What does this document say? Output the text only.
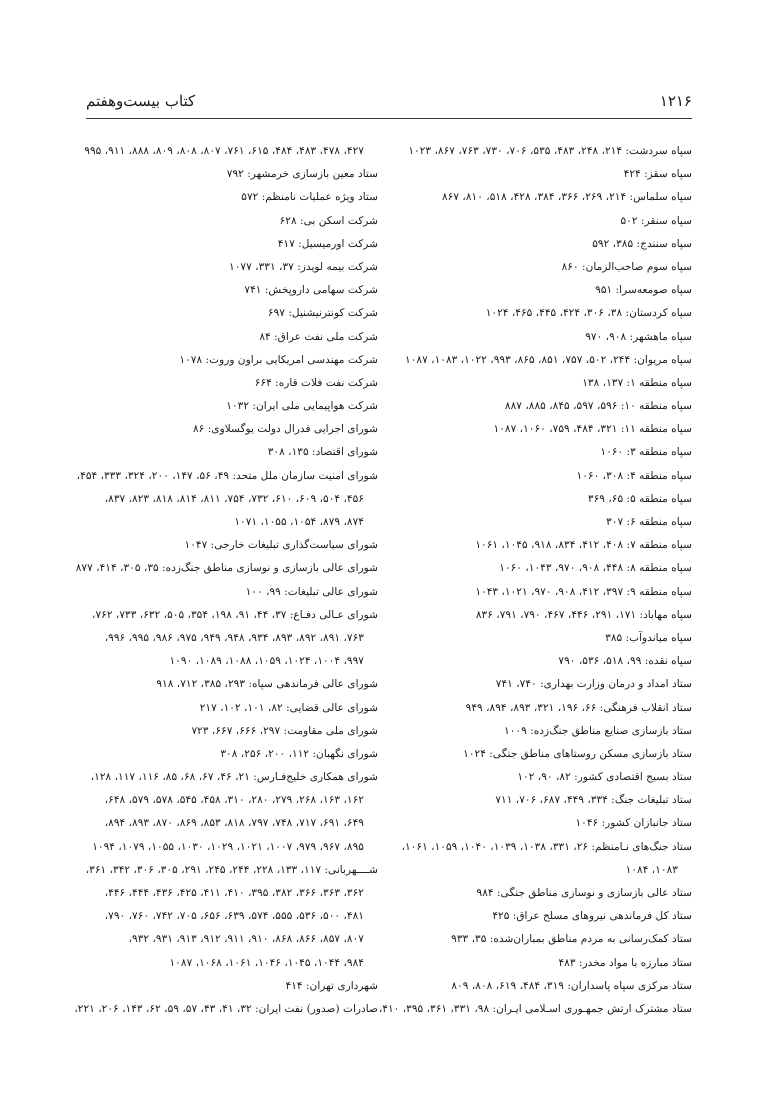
۱۲۱۶
کتاب بیست‌وهفتم
سپاه سردشت: ۲۱۴، ۲۴۸، ۴۸۳، ۵۳۵، ۷۰۶، ۷۳۰، ۷۶۳، ۸۶۷، ۱۰۲۳
سپاه سقز: ۴۲۴
سپاه سلماس: ۲۱۴، ۲۶۹، ۳۶۶، ۳۸۴، ۴۲۸، ۵۱۸، ۸۱۰، ۸۶۷
سپاه سنقر: ۵۰۲
سپاه سنندج: ۳۸۵، ۵۹۲
سپاه سوم صاحب‌الزمان: ۸۶۰
سپاه صومعه‌سرا: ۹۵۱
سپاه کردستان: ۳۸، ۳۰۶، ۴۲۴، ۴۴۵، ۴۶۵، ۱۰۲۴
سپاه ماهشهر: ۹۰۸، ۹۷۰
سپاه مریوان: ۲۴۴، ۵۰۲، ۷۵۷، ۸۵۱، ۸۶۵، ۹۹۳، ۱۰۲۲، ۱۰۸۳، ۱۰۸۷
سپاه منطقه ۱: ۱۳۷، ۱۳۸
سپاه منطقه ۱۰: ۵۹۶، ۵۹۷، ۸۴۵، ۸۸۵، ۸۸۷
سپاه منطقه ۱۱: ۳۲۱، ۴۸۴، ۷۵۹، ۱۰۶۰، ۱۰۸۷
سپاه منطقه ۳: ۱۰۶۰
سپاه منطقه ۴: ۳۰۸، ۱۰۶۰
سپاه منطقه ۵: ۶۵، ۳۶۹
سپاه منطقه ۶: ۳۰۷
سپاه منطقه ۷: ۴۰۸، ۴۱۲، ۸۳۴، ۹۱۸، ۱۰۴۵، ۱۰۶۱
سپاه منطقه ۸: ۴۴۸، ۹۰۸، ۹۷۰، ۱۰۴۳، ۱۰۶۰
سپاه منطقه ۹: ۳۹۷، ۴۱۲، ۹۰۸، ۹۷۰، ۱۰۲۱، ۱۰۴۳
سپاه مهاباد: ۱۷۱، ۲۹۱، ۴۴۶، ۴۶۷، ۷۹۰، ۷۹۱، ۸۳۶
سپاه میاندوآب: ۳۸۵
سپاه نقده: ۹۹، ۵۱۸، ۵۳۶، ۷۹۰
ستاد امداد و درمان وزارت بهداری: ۷۴۰، ۷۴۱
ستاد انقلاب فرهنگی: ۶۶، ۱۹۶، ۳۲۱، ۸۹۳، ۸۹۴، ۹۴۹
ستاد بازسازی صنایع مناطق جنگ‌زده: ۱۰۰۹
ستاد بازسازی مسکن روستاهای مناطق جنگی: ۱۰۲۴
ستاد بسیج اقتصادی کشور: ۸۲، ۹۰، ۱۰۲
ستاد تبلیغات جنگ: ۳۳۴، ۴۴۹، ۶۸۷، ۷۰۶، ۷۱۱
ستاد جانبازان کشور: ۱۰۴۶
ستاد جنگ‌های نـامنظم: ۲۶، ۳۳۱، ۱۰۳۸، ۱۰۳۹، ۱۰۴۰، ۱۰۵۹، ۱۰۶۱،
۱۰۸۳، ۱۰۸۴
ستاد عالی بازسازی و نوسازی مناطق جنگی: ۹۸۴
ستاد کل فرماندهی نیروهای مسلح عراق: ۴۲۵
ستاد کمک‌رسانی به مردم مناطق بمباران‌شده: ۳۵، ۹۳۳
ستاد مبارزه با مواد مخدر: ۴۸۳
ستاد مرکزی سپاه پاسداران: ۳۱۹، ۴۸۴، ۶۱۹، ۸۰۸، ۸۰۹
ستاد مشترک ارتش جمهـوری اسـلامی ایـران: ۹۸، ۳۳۱، ۳۶۱، ۳۹۵، ۴۱۰،
۴۲۷، ۴۷۸، ۴۸۳، ۴۸۴، ۶۱۵، ۷۶۱، ۸۰۷، ۸۰۸، ۸۰۹، ۸۸۸، ۹۱۱، ۹۹۵
ستاد معین بازسازی خرمشهر: ۷۹۲
ستاد ویژه عملیات نامنظم: ۵۷۲
شرکت اسکن بی: ۶۲۸
شرکت اورمیسیل: ۴۱۷
شرکت بیمه لویدز: ۳۷، ۳۳۱، ۱۰۷۷
شرکت سهامی داروپخش: ۷۴۱
شرکت کونترنیشنیل: ۶۹۷
شرکت ملی نفت عراق: ۸۴
شرکت مهندسی امریکایی براون وروت: ۱۰۷۸
شرکت نفت فلات قاره: ۶۶۴
شرکت هواپیمایی ملی ایران: ۱۰۳۲
شورای اجرایی فدرال دولت یوگسلاوی: ۸۶
شورای اقتصاد: ۱۳۵، ۳۰۸
شورای امنیت سازمان ملل متحد: ۴۹، ۵۶، ۱۴۷، ۲۰۰، ۳۲۴، ۳۳۳، ۴۵۴،
۴۵۶، ۵۰۴، ۶۰۹، ۶۱۰، ۷۳۲، ۷۵۴، ۸۱۱، ۸۱۴، ۸۱۸، ۸۲۳، ۸۳۷،
۸۷۴، ۸۷۹، ۱۰۵۴، ۱۰۵۵، ۱۰۷۱
شورای سیاست‌گذاری تبلیغات خارجی: ۱۰۴۷
شورای عالی بازسازی و نوسازی مناطق جنگ‌زده: ۳۵، ۳۰۵، ۴۱۴، ۸۷۷
شورای عالی تبلیغات: ۹۹، ۱۰۰
شورای عـالی دفـاع: ۳۷، ۴۴، ۹۱، ۱۹۸، ۳۵۴، ۵۰۵، ۶۳۲، ۷۳۳، ۷۶۲،
۷۶۳، ۸۹۱، ۸۹۲، ۸۹۳، ۹۳۴، ۹۴۸، ۹۴۹، ۹۷۵، ۹۸۶، ۹۹۵، ۹۹۶،
۹۹۷، ۱۰۰۴، ۱۰۲۴، ۱۰۵۹، ۱۰۸۸، ۱۰۸۹، ۱۰۹۰
شورای عالی فرماندهی سپاه: ۲۹۳، ۳۸۵، ۷۱۲، ۹۱۸
شورای عالی قضایی: ۸۲، ۱۰۱، ۱۰۲، ۲۱۷
شورای ملی مقاومت: ۲۹۷، ۶۶۶، ۶۶۷، ۷۲۳
شورای نگهبان: ۱۱۲، ۲۰۰، ۲۵۶، ۳۰۸
شورای همکاری خلیج‌فـارس: ۲۱، ۴۶، ۶۷، ۶۸، ۸۵، ۱۱۶، ۱۱۷، ۱۲۸،
۱۶۲، ۱۶۳، ۲۶۸، ۲۷۹، ۲۸۰، ۳۱۰، ۴۵۸، ۵۴۵، ۵۷۸، ۵۷۹، ۶۴۸،
۶۴۹، ۶۹۱، ۷۱۷، ۷۴۸، ۷۹۷، ۸۱۸، ۸۵۳، ۸۶۹، ۸۷۰، ۸۹۳، ۸۹۴،
۸۹۵، ۹۶۷، ۹۷۹، ۱۰۰۷، ۱۰۲۱، ۱۰۲۹، ۱۰۳۰، ۱۰۵۵، ۱۰۷۹، ۱۰۹۴
شــــهربانی: ۱۱۷، ۱۳۳، ۲۲۸، ۲۴۴، ۲۴۵، ۲۹۱، ۳۰۵، ۳۰۶، ۳۴۲، ۳۶۱،
۳۶۲، ۳۶۳، ۳۶۶، ۳۸۲، ۳۹۵، ۴۱۰، ۴۱۱، ۴۲۵، ۴۳۶، ۴۴۴، ۴۴۶،
۴۸۱، ۵۰۰، ۵۳۶، ۵۵۵، ۵۷۴، ۶۳۹، ۶۵۶، ۷۰۵، ۷۴۲، ۷۶۰، ۷۹۰،
۸۰۷، ۸۵۷، ۸۶۶، ۸۶۸، ۹۱۰، ۹۱۱، ۹۱۲، ۹۱۳، ۹۳۱، ۹۳۲،
۹۸۴، ۱۰۴۴، ۱۰۴۵، ۱۰۴۶، ۱۰۶۱، ۱۰۶۸، ۱۰۸۷
شهرداری تهران: ۴۱۴
صادرات (صدور) نفت ایران: ۳۲، ۴۱، ۴۳، ۵۷، ۵۹، ۶۲، ۱۴۳، ۲۰۶، ۲۲۱،
